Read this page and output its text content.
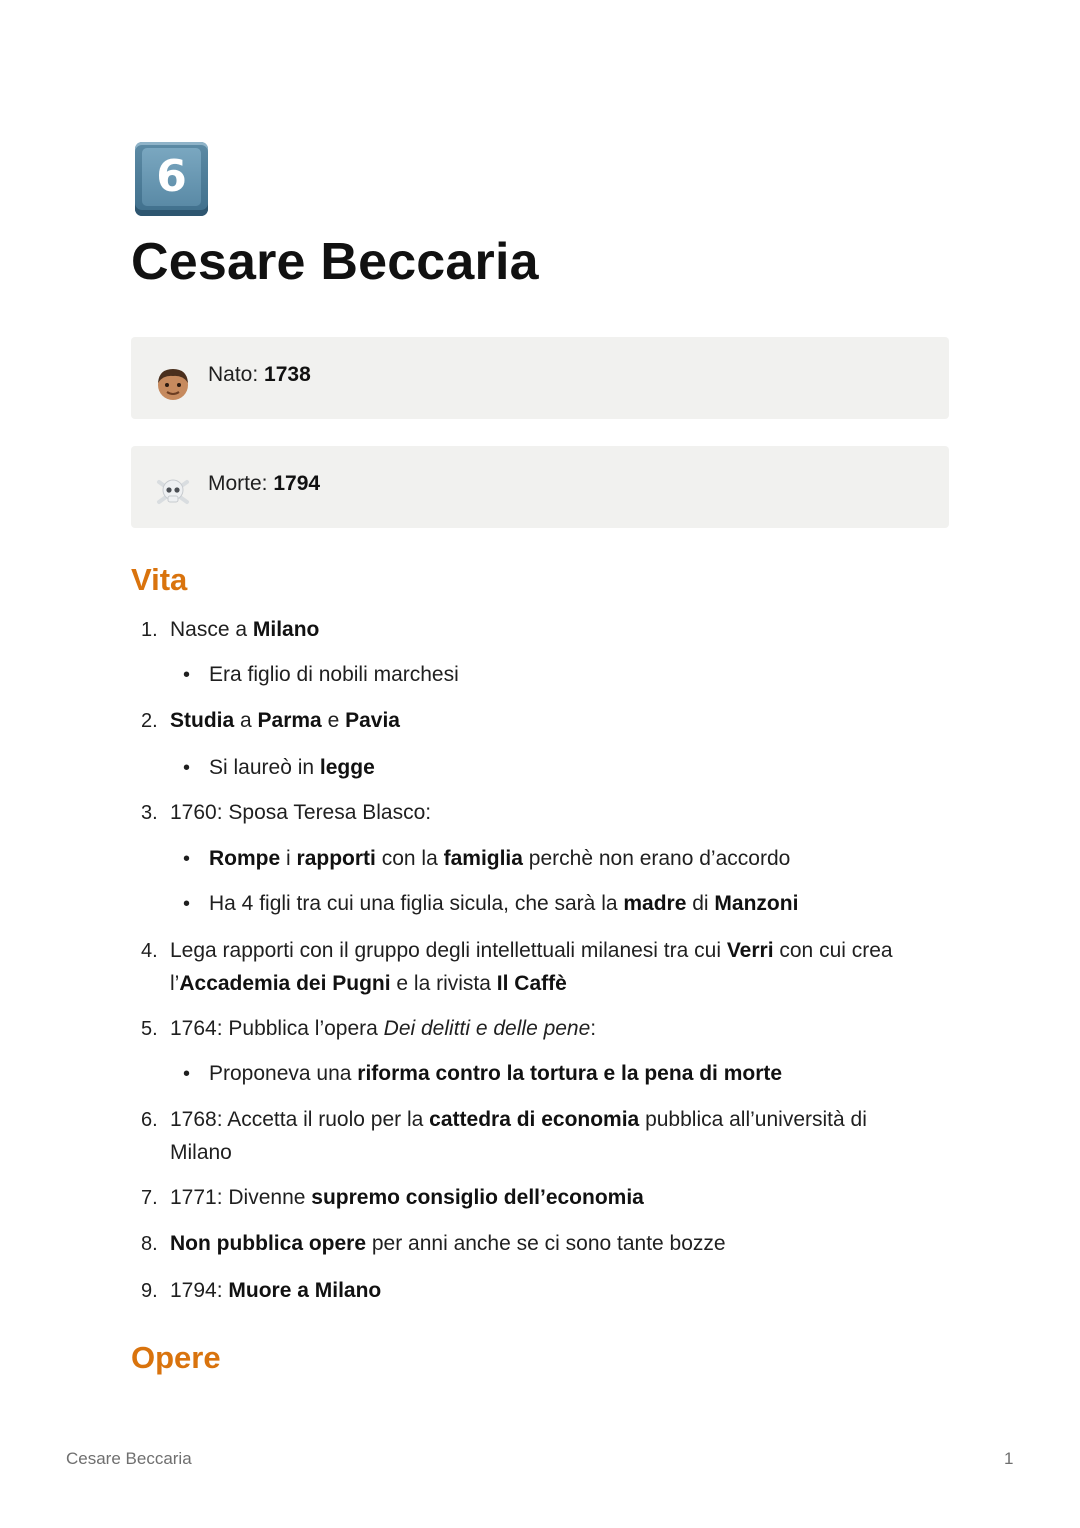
6
Cesare Beccaria
Nato: 1738
Morte: 1794
Vita
1. Nasce a Milano
• Era figlio di nobili marchesi
2. Studia a Parma e Pavia
• Si laureò in legge
3. 1760: Sposa Teresa Blasco:
• Rompe i rapporti con la famiglia perchè non erano d’accordo
• Ha 4 figli tra cui una figlia sicula, che sarà la madre di Manzoni
4. Lega rapporti con il gruppo degli intellettuali milanesi tra cui Verri con cui crea
l’Accademia dei Pugni e la rivista Il Caffè
5. 1764: Pubblica l’opera Dei delitti e delle pene:
• Proponeva una riforma contro la tortura e la pena di morte
6. 1768: Accetta il ruolo per la cattedra di economia pubblica all’università di
Milano
7. 1771: Divenne supremo consiglio dell’economia
8. Non pubblica opere per anni anche se ci sono tante bozze
9. 1794: Muore a Milano
Opere
Cesare Beccaria	1
